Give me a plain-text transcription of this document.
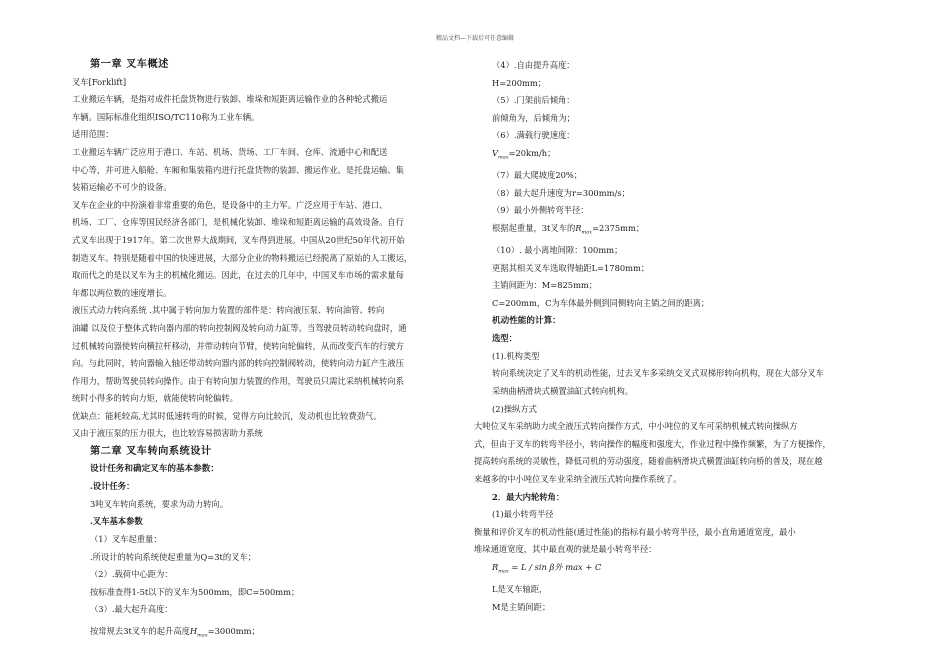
精品文档---下载后可任意编辑
第一章 叉车概述
叉车[Forklift]
工业搬运车辆，是指对成件托盘货物进行装卸、堆垛和短距离运输作业的各种轮式搬运
车辆。国际标准化组织ISO/TC110称为工业车辆。
适用范围：
工业搬运车辆广泛应用于港口、车站、机场、货场、工厂车间、仓库、流通中心和配送
中心等，并可进入船舱、车厢和集装箱内进行托盘货物的装卸、搬运作业。是托盘运输、集
装箱运输必不可少的设备。
叉车在企业的中扮演着非常重要的角色，是设备中的主力军。广泛应用于车站、港口、
机场、工厂、仓库等国民经济各部门，是机械化装卸、堆垛和短距离运输的高效设备。自行
式叉车出现于1917年。第二次世界大战期间，叉车得到进展。中国从20世纪50年代初开始
制造叉车。特别是随着中国的快速进展，大部分企业的物料搬运已经脱离了原始的人工搬运，
取而代之的是以叉车为主的机械化搬运。因此，在过去的几年中，中国叉车市场的需求量每
年都以两位数的速度增长。
液压式动力转向系统 .其中属于转向加力装置的部件是：转向液压泵、转向油管、转向
油罐 以及位于整体式转向器内部的转向控制阀及转向动力缸等。当驾驶员转动转向盘时，通
过机械转向器使转向横拉杆移动，并带动转向节臂，使转向轮偏转，从而改变汽车的行驶方
向。与此同时，转向器输入轴还带动转向器内部的转向控制阀转动，使转向动力缸产生液压
作用力，帮助驾驶员转向操作。由于有转向加力装置的作用，驾驶员只需比采纳机械转向系
统时小得多的转向力矩，就能使转向轮偏转。
优缺点：能耗较高,尤其时低速转弯的时候，觉得方向比较沉，发动机也比较费劲气。
又由于液压泵的压力很大，也比较容易损害助力系统
第二章 叉车转向系统设计
设计任务和确定叉车的基本参数：
.设计任务：
3吨叉车转向系统，要求为动力转向。
.叉车基本参数
（1）叉车起重量：
.所设计的转向系统使起重量为Q=3t的叉车；
（2）.载荷中心距为：
按标准查得1-5t以下的叉车为500mm，即C=500mm；
（3）.最大起升高度：
按常规去3t叉车的起升高度$H_{max}=3000mm$；
（4）.自由提升高度：
H=200mm；
（5）.门架前后倾角：
前倾角为，后倾角为；
（6）.满载行驶速度：
$V_{max}=20km/h$；
（7）最大爬坡度20%；
（8）最大起升速度为r=300mm/s；
（9）最小外侧转弯半径：
根据起重量，3t叉车的$R_{max}=2375mm$；
（10）. 最小离地间隙：100mm；
更据其相关叉车选取得轴距L=1780mm；
主销间距为：M=825mm；
C=200mm，C为车体最外侧到同侧转向主销之间的距离；
机动性能的计算：
选型：
(1).机构类型
转向系统决定了叉车的机动性能，过去叉车多采纳交叉式双梯形转向机构，现在大部分叉车
采纳曲柄滑块式横置油缸式转向机构。
(2)操纵方式
大吨位叉车采纳助力或全液压式转向操作方式，中小吨位的叉车可采纳机械式转向操纵方
式，但由于叉车的转弯半径小，转向操作的幅度和强度大，作业过程中操作频繁，为了方便操作，
提高转向系统的灵敏性，降低司机的劳动强度，随着曲柄滑块式横置油缸转向桥的普及，现在越
来越多的中小吨位叉车业采纳全液压式转向操作系统了。
2．最大内轮转角：
(1)最小转弯半径
衡量和评价叉车的机动性能(通过性能)的指标有最小转弯半径，最小直角通道宽度，最小
堆垛通道宽度，其中最直观的就是最小转弯半径：
$R_{max} = L / \sin \beta$外 max + C
L是叉车轴距，
M是主销间距；
